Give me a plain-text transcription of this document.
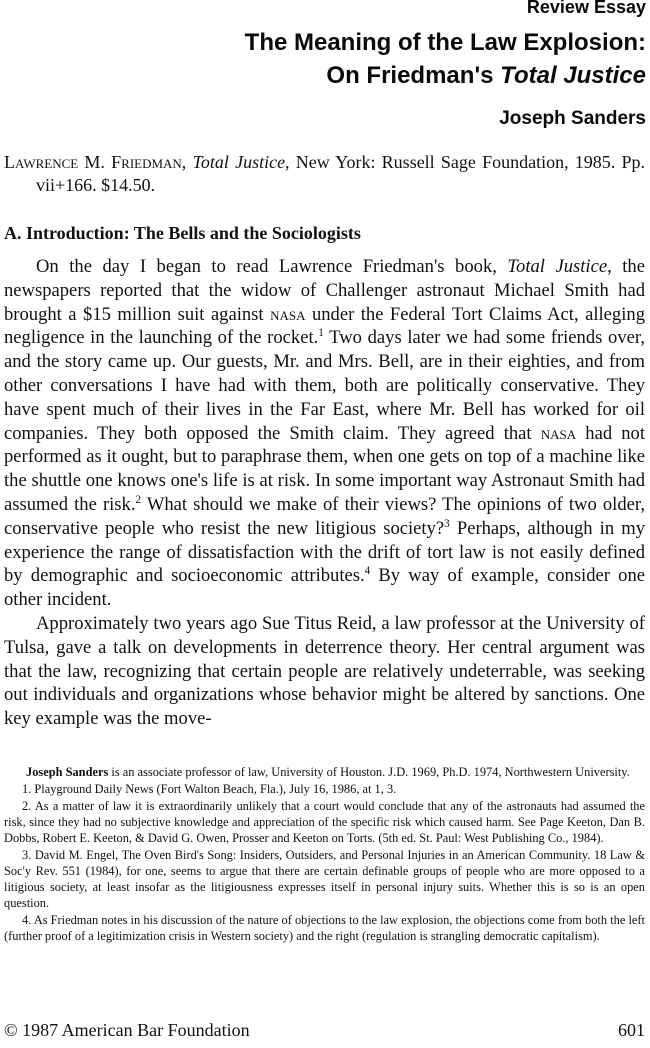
Review Essay
The Meaning of the Law Explosion:
On Friedman's Total Justice
Joseph Sanders
Lawrence M. Friedman, Total Justice, New York: Russell Sage Foundation, 1985. Pp. vii+166. $14.50.
A. Introduction: The Bells and the Sociologists

On the day I began to read Lawrence Friedman's book, Total Justice, the newspapers reported that the widow of Challenger astronaut Michael Smith had brought a $15 million suit against nasa under the Federal Tort Claims Act, alleging negligence in the launching of the rocket.$^1$ Two days later we had some friends over, and the story came up. Our guests, Mr. and Mrs. Bell, are in their eighties, and from other conversations I have had with them, both are politically conservative. They have spent much of their lives in the Far East, where Mr. Bell has worked for oil companies. They both opposed the Smith claim. They agreed that nasa had not performed as it ought, but to paraphrase them, when one gets on top of a machine like the shuttle one knows one's life is at risk. In some important way Astronaut Smith had assumed the risk.$^2$ What should we make of their views? The opinions of two older, conservative people who resist the new litigious society?$^3$ Perhaps, although in my experience the range of dissatisfaction with the drift of tort law is not easily defined by demographic and socioeconomic attributes.$^4$ By way of example, consider one other incident.

Approximately two years ago Sue Titus Reid, a law professor at the University of Tulsa, gave a talk on developments in deterrence theory. Her central argument was that the law, recognizing that certain people are relatively undeterrable, was seeking out individuals and organizations whose behavior might be altered by sanctions. One key example was the move-

Joseph Sanders is an associate professor of law, University of Houston. J.D. 1969, Ph.D. 1974, Northwestern University.

1. Playground Daily News (Fort Walton Beach, Fla.), July 16, 1986, at 1, 3.

2. As a matter of law it is extraordinarily unlikely that a court would conclude that any of the astronauts had assumed the risk, since they had no subjective knowledge and appreciation of the specific risk which caused harm. See Page Keeton, Dan B. Dobbs, Robert E. Keeton, & David G. Owen, Prosser and Keeton on Torts. (5th ed. St. Paul: West Publishing Co., 1984).

3. David M. Engel, The Oven Bird's Song: Insiders, Outsiders, and Personal Injuries in an American Community. 18 Law & Soc'y Rev. 551 (1984), for one, seems to argue that there are certain definable groups of people who are more opposed to a litigious society, at least insofar as the litigiousness expresses itself in personal injury suits. Whether this is so is an open question.

4. As Friedman notes in his discussion of the nature of objections to the law explosion, the objections come from both the left (further proof of a legitimization crisis in Western society) and the right (regulation is strangling democratic capitalism).

© 1987 American Bar Foundation	601
